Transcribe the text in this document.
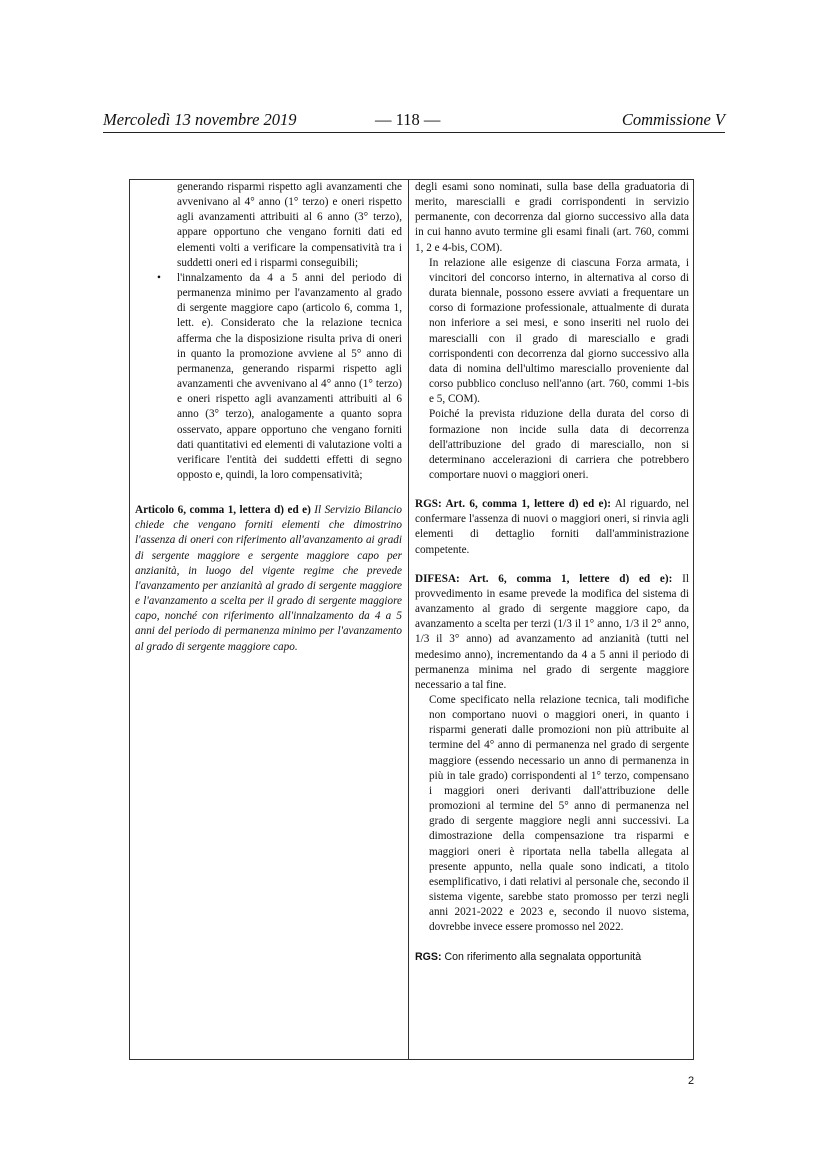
Mercoledì 13 novembre 2019	— 118 —	Commissione V

generando risparmi rispetto agli avanzamenti che avvenivano al 4° anno (1° terzo) e oneri rispetto agli avanzamenti attribuiti al 6 anno (3° terzo), appare opportuno che vengano forniti dati ed elementi volti a verificare la compensatività tra i suddetti oneri ed i risparmi conseguibili;

• l'innalzamento da 4 a 5 anni del periodo di permanenza minimo per l'avanzamento al grado di sergente maggiore capo (articolo 6, comma 1, lett. e). Considerato che la relazione tecnica afferma che la disposizione risulta priva di oneri in quanto la promozione avviene al 5° anno di permanenza, generando risparmi rispetto agli avanzamenti che avvenivano al 4° anno (1° terzo) e oneri rispetto agli avanzamenti attribuiti al 6 anno (3° terzo), analogamente a quanto sopra osservato, appare opportuno che vengano forniti dati quantitativi ed elementi di valutazione volti a verificare l'entità dei suddetti effetti di segno opposto e, quindi, la loro compensatività;

Articolo 6, comma 1, lettera d) ed e) Il Servizio Bilancio chiede che vengano forniti elementi che dimostrino l'assenza di oneri con riferimento all'avanzamento ai gradi di sergente maggiore e sergente maggiore capo per anzianità, in luogo del vigente regime che prevede l'avanzamento per anzianità al grado di sergente maggiore e l'avanzamento a scelta per il grado di sergente maggiore capo, nonché con riferimento all'innalzamento da 4 a 5 anni del periodo di permanenza minimo per l'avanzamento al grado di sergente maggiore capo.

degli esami sono nominati, sulla base della graduatoria di merito, marescialli e gradi corrispondenti in servizio permanente, con decorrenza dal giorno successivo alla data in cui hanno avuto termine gli esami finali (art. 760, commi 1, 2 e 4-bis, COM).

In relazione alle esigenze di ciascuna Forza armata, i vincitori del concorso interno, in alternativa al corso di durata biennale, possono essere avviati a frequentare un corso di formazione professionale, attualmente di durata non inferiore a sei mesi, e sono inseriti nel ruolo dei marescialli con il grado di maresciallo e gradi corrispondenti con decorrenza dal giorno successivo alla data di nomina dell'ultimo maresciallo proveniente dal corso pubblico concluso nell'anno (art. 760, commi 1-bis e 5, COM).

Poiché la prevista riduzione della durata del corso di formazione non incide sulla data di decorrenza dell'attribuzione del grado di maresciallo, non si determinano accelerazioni di carriera che potrebbero comportare nuovi o maggiori oneri.

RGS: Art. 6, comma 1, lettere d) ed e): Al riguardo, nel confermare l'assenza di nuovi o maggiori oneri, si rinvia agli elementi di dettaglio forniti dall'amministrazione competente.

DIFESA: Art. 6, comma 1, lettere d) ed e): Il provvedimento in esame prevede la modifica del sistema di avanzamento al grado di sergente maggiore capo, da avanzamento a scelta per terzi (1/3 il 1° anno, 1/3 il 2° anno, 1/3 il 3° anno) ad avanzamento ad anzianità (tutti nel medesimo anno), incrementando da 4 a 5 anni il periodo di permanenza minima nel grado di sergente maggiore necessario a tal fine.

Come specificato nella relazione tecnica, tali modifiche non comportano nuovi o maggiori oneri, in quanto i risparmi generati dalle promozioni non più attribuite al termine del 4° anno di permanenza nel grado di sergente maggiore (essendo necessario un anno di permanenza in più in tale grado) corrispondenti al 1° terzo, compensano i maggiori oneri derivanti dall'attribuzione delle promozioni al termine del 5° anno di permanenza nel grado di sergente maggiore negli anni successivi. La dimostrazione della compensazione tra risparmi e maggiori oneri è riportata nella tabella allegata al presente appunto, nella quale sono indicati, a titolo esemplificativo, i dati relativi al personale che, secondo il sistema vigente, sarebbe stato promosso per terzi negli anni 2021-2022 e 2023 e, secondo il nuovo sistema, dovrebbe invece essere promosso nel 2022.

RGS: Con riferimento alla segnalata opportunità

2
